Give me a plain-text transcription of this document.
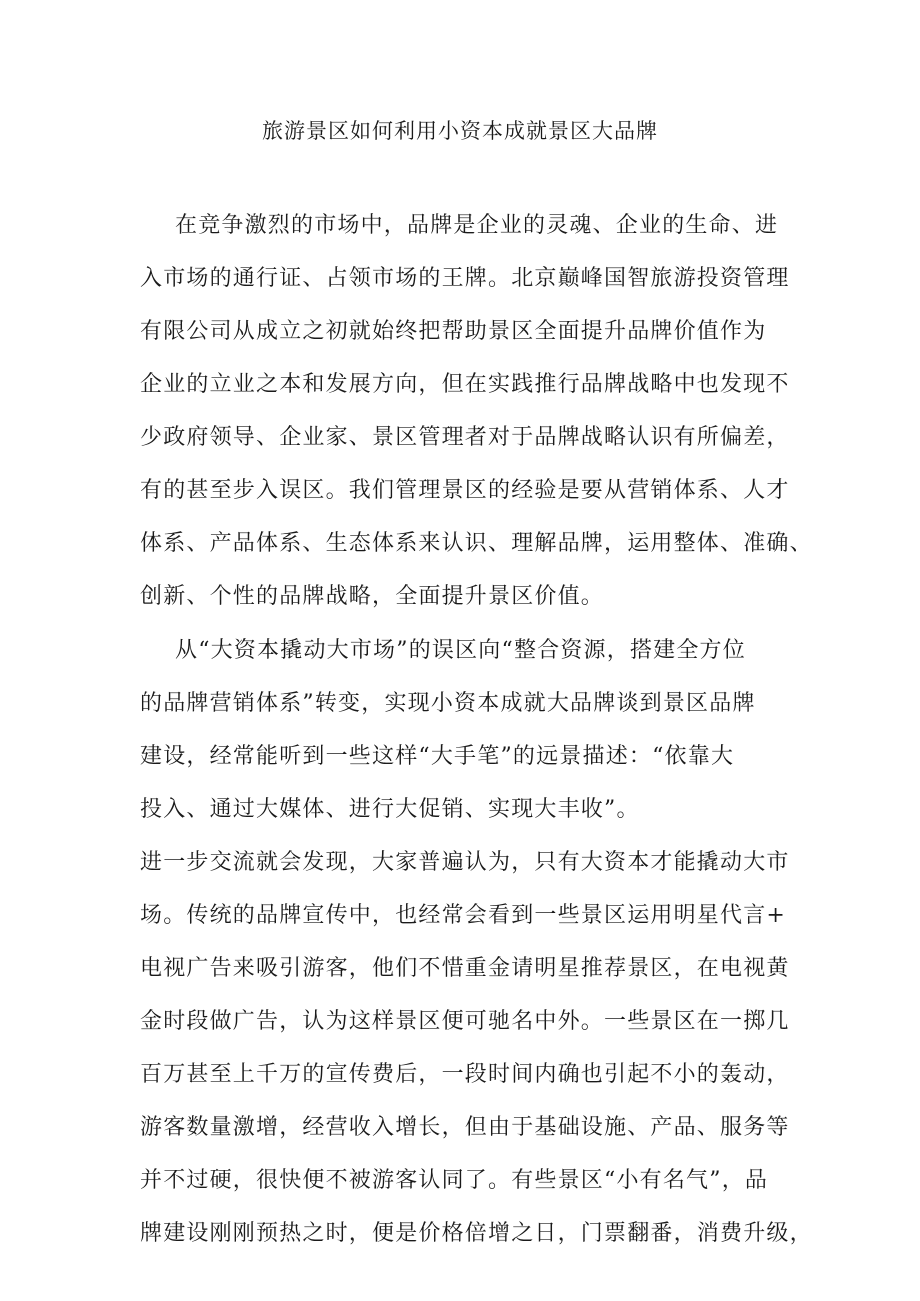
旅游景区如何利用小资本成就景区大品牌
在竞争激烈的市场中，品牌是企业的灵魂、企业的生命、进
入市场的通行证、占领市场的王牌。北京巅峰国智旅游投资管理
有限公司从成立之初就始终把帮助景区全面提升品牌价值作为
企业的立业之本和发展方向，但在实践推行品牌战略中也发现不
少政府领导、企业家、景区管理者对于品牌战略认识有所偏差，
有的甚至步入误区。我们管理景区的经验是要从营销体系、人才
体系、产品体系、生态体系来认识、理解品牌，运用整体、准确、
创新、个性的品牌战略，全面提升景区价值。
从“大资本撬动大市场”的误区向“整合资源，搭建全方位
的品牌营销体系”转变，实现小资本成就大品牌谈到景区品牌
建设，经常能听到一些这样“大手笔”的远景描述：“依靠大
投入、通过大媒体、进行大促销、实现大丰收”。
进一步交流就会发现，大家普遍认为，只有大资本才能撬动大市
场。传统的品牌宣传中，也经常会看到一些景区运用明星代言+
电视广告来吸引游客，他们不惜重金请明星推荐景区，在电视黄
金时段做广告，认为这样景区便可驰名中外。一些景区在一掷几
百万甚至上千万的宣传费后，一段时间内确也引起不小的轰动，
游客数量激增，经营收入增长，但由于基础设施、产品、服务等
并不过硬，很快便不被游客认同了。有些景区“小有名气”，品
牌建设刚刚预热之时，便是价格倍增之日，门票翻番，消费升级，
